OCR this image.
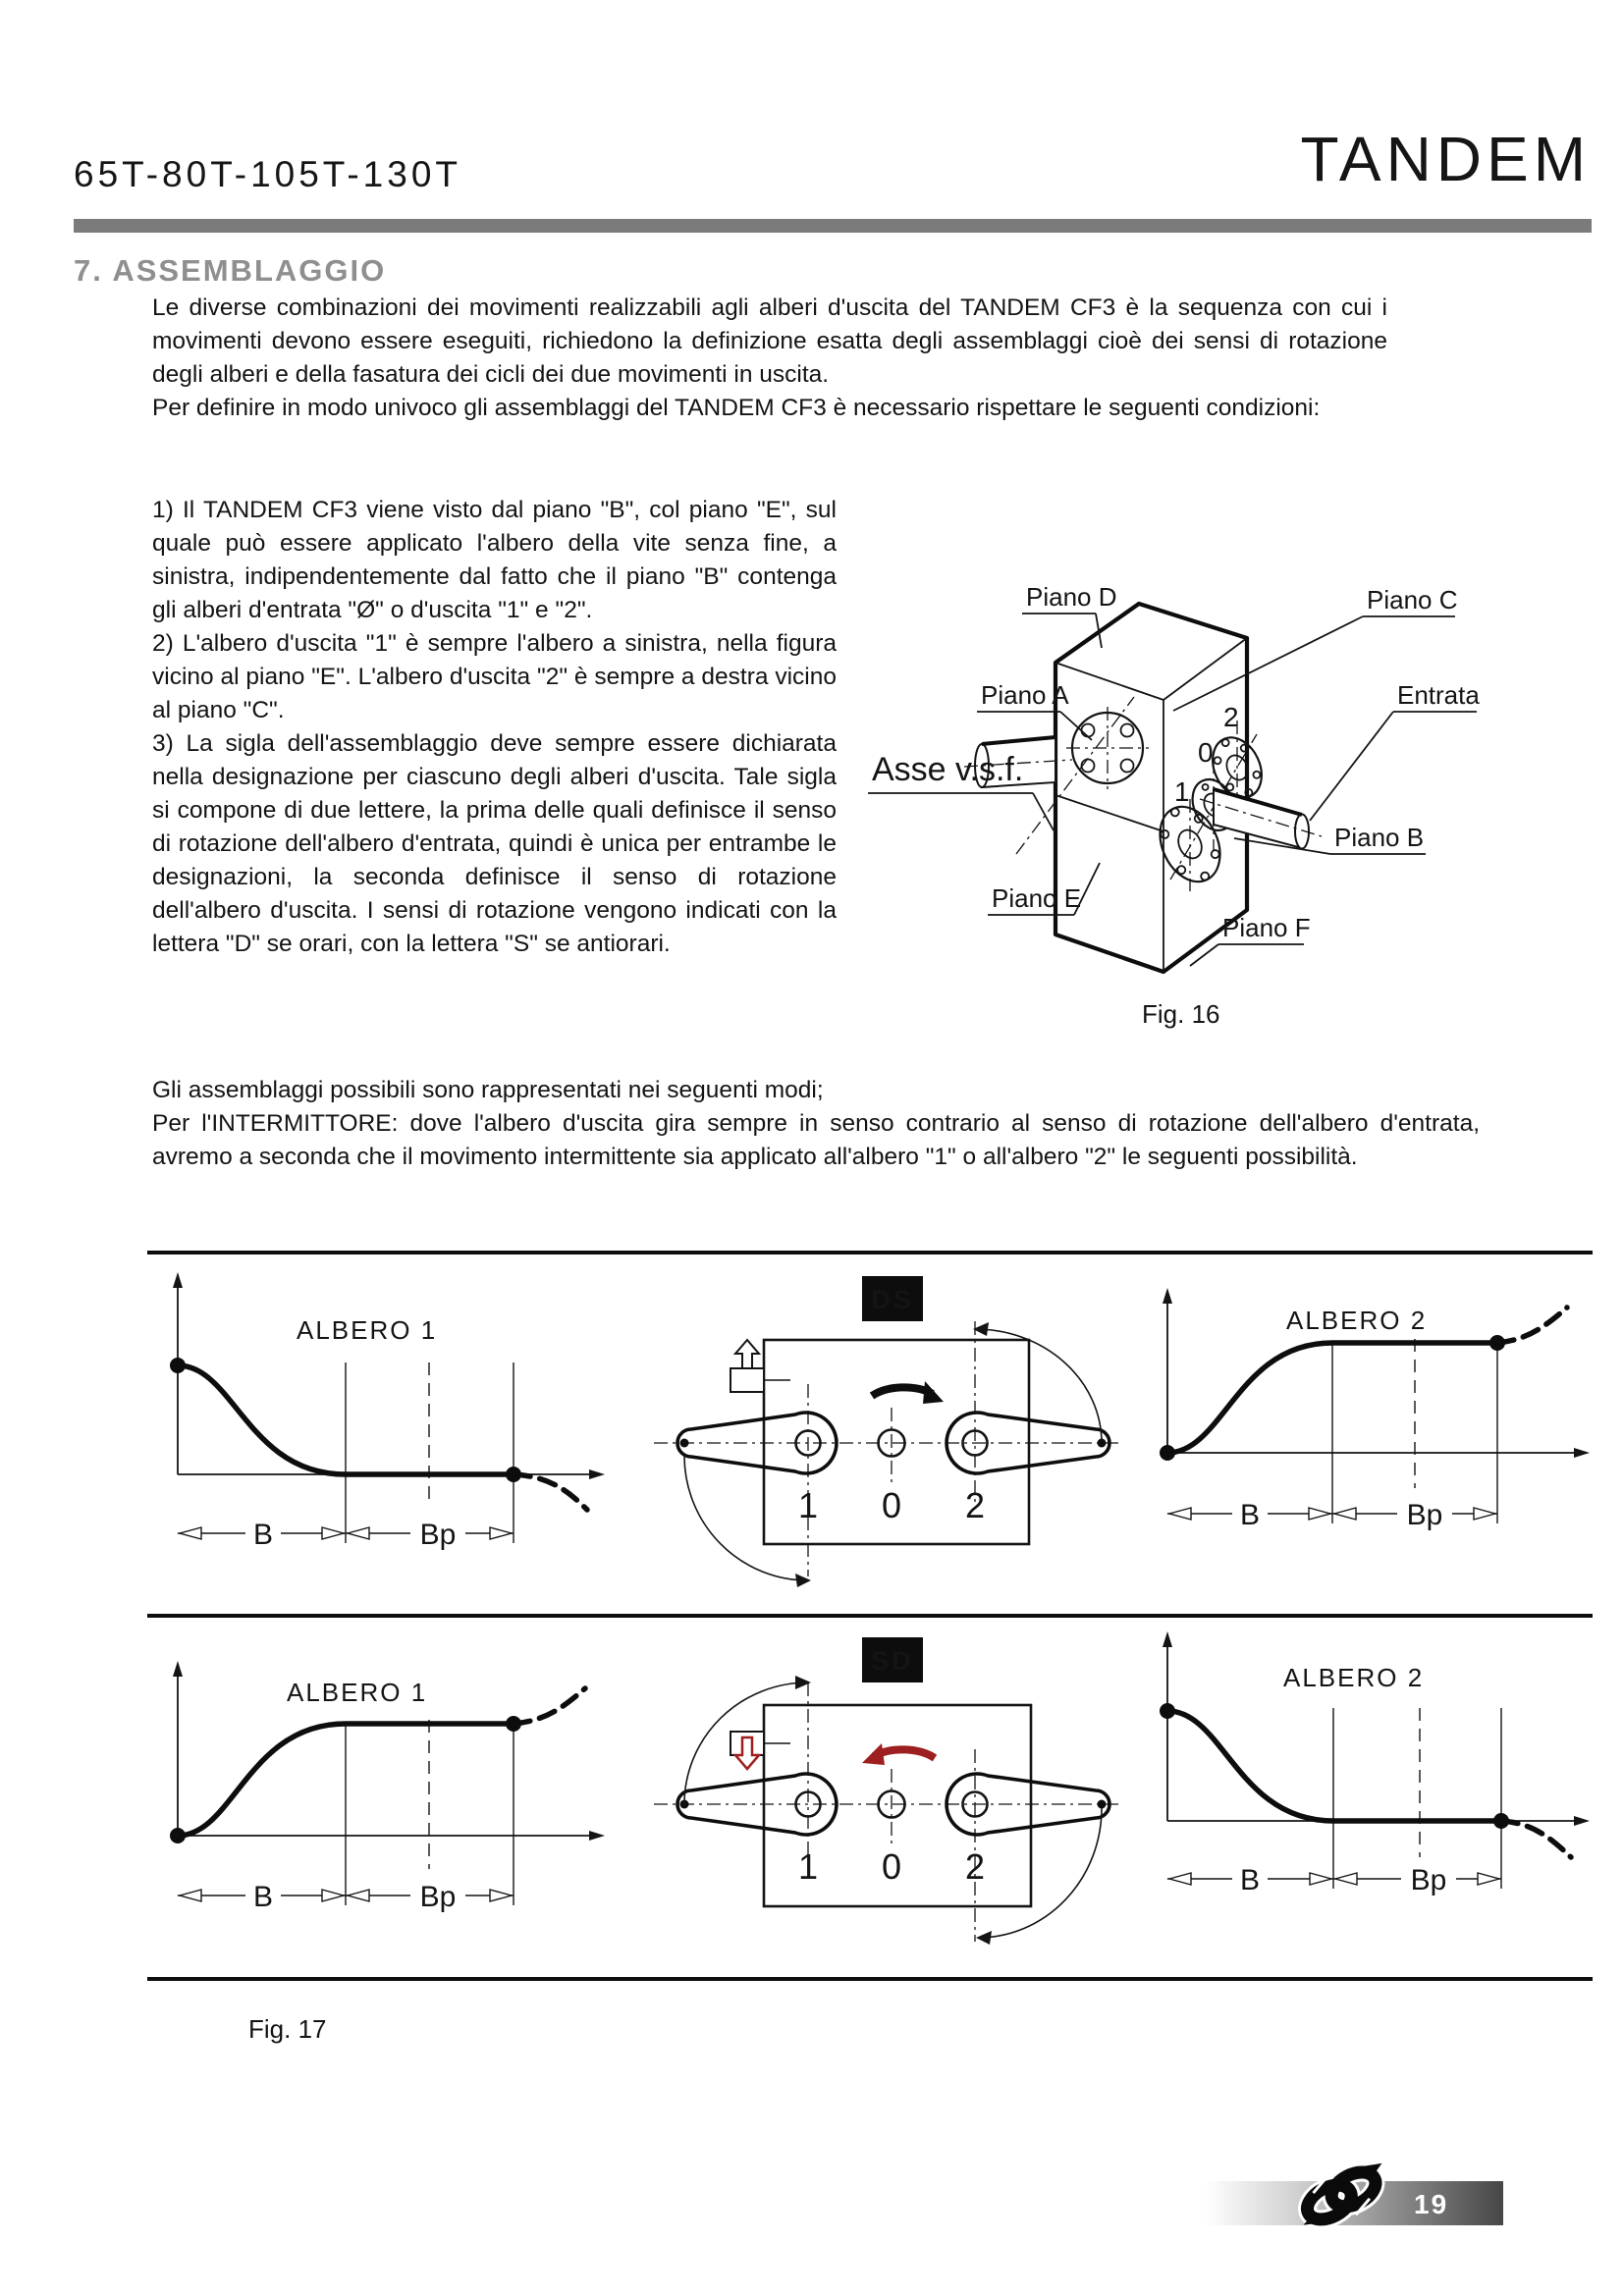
65T-80T-105T-130T	TANDEM
7. ASSEMBLAGGIO

Le diverse combinazioni dei movimenti realizzabili agli alberi d'uscita del TANDEM CF3 è la sequenza con cui i movimenti devono essere eseguiti, richiedono la definizione esatta degli assemblaggi cioè dei sensi di rotazione degli alberi e della fasatura dei cicli dei due movimenti in uscita.

Per definire in modo univoco gli assemblaggi del TANDEM CF3 è necessario rispettare le seguenti condizioni:

1) Il TANDEM CF3 viene visto dal piano "B", col piano "E", sul quale può essere applicato l'albero della vite senza fine, a sinistra, indipendentemente dal fatto che il piano "B" contenga gli alberi d'entrata "Ø" o d'uscita "1" e "2".

2) L'albero d'uscita "1" è sempre l'albero a sinistra, nella figura vicino al piano "E". L'albero d'uscita "2" è sempre a destra vicino al piano "C".

3) La sigla dell'assemblaggio deve sempre essere dichiarata nella designazione per ciascuno degli alberi d'uscita. Tale sigla si compone di due lettere, la prima delle quali definisce il senso di rotazione dell'albero d'entrata, quindi è unica per entrambe le designazioni, la seconda definisce il senso di rotazione dell'albero d'uscita. I sensi di rotazione vengono indicati con la lettera "D" se orari, con la lettera "S" se antiorari.

1
0
2
Piano D	Piano C
Piano A	Entrata
Asse v.s.f.
Piano B
Piano E
Piano F
Fig. 16

Gli assemblaggi possibili sono rappresentati nei seguenti modi;

Per l'INTERMITTORE: dove l'albero d'uscita gira sempre in senso contrario al senso di rotazione dell'albero d'entrata, avremo a seconda che il movimento intermittente sia applicato all'albero "1" o all'albero "2" le seguenti possibilità.

ALBERO 1
B	Bp
DS
1 0 2
ALBERO 2
B	Bp
ALBERO 1
B	Bp
SD
1 0 2
ALBERO 2
B	Bp
Fig. 17
19
